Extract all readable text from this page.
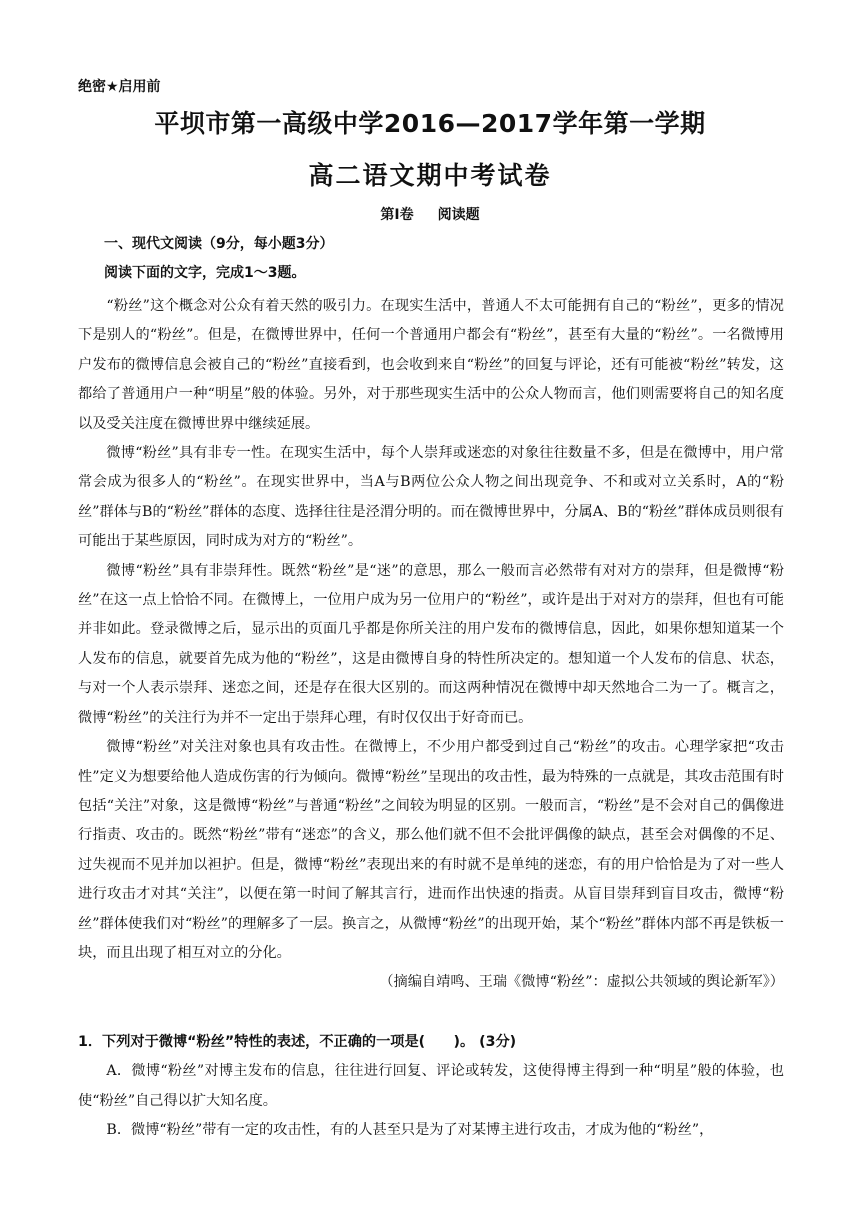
绝密★启用前
平坝市第一高级中学2016—2017学年第一学期
高二语文期中考试卷
第Ⅰ卷 阅读题
一、现代文阅读（9分，每小题3分）
阅读下面的文字，完成1～3题。

“粉丝”这个概念对公众有着天然的吸引力。在现实生活中，普通人不太可能拥有自己的“粉丝”，更多的情况下是别人的“粉丝”。但是，在微博世界中，任何一个普通用户都会有“粉丝”，甚至有大量的“粉丝”。一名微博用户发布的微博信息会被自己的“粉丝”直接看到，也会收到来自“粉丝”的回复与评论，还有可能被“粉丝”转发，这都给了普通用户一种“明星”般的体验。另外，对于那些现实生活中的公众人物而言，他们则需要将自己的知名度以及受关注度在微博世界中继续延展。

微博“粉丝”具有非专一性。在现实生活中，每个人崇拜或迷恋的对象往往数量不多，但是在微博中，用户常常会成为很多人的“粉丝”。在现实世界中，当A与B两位公众人物之间出现竞争、不和或对立关系时，A的“粉丝”群体与B的“粉丝”群体的态度、选择往往是泾渭分明的。而在微博世界中，分属A、B的“粉丝”群体成员则很有可能出于某些原因，同时成为对方的“粉丝”。

微博“粉丝”具有非崇拜性。既然“粉丝”是“迷”的意思，那么一般而言必然带有对对方的崇拜，但是微博“粉丝”在这一点上恰恰不同。在微博上，一位用户成为另一位用户的“粉丝”，或许是出于对对方的崇拜，但也有可能并非如此。登录微博之后，显示出的页面几乎都是你所关注的用户发布的微博信息，因此，如果你想知道某一个人发布的信息，就要首先成为他的“粉丝”，这是由微博自身的特性所决定的。想知道一个人发布的信息、状态，与对一个人表示崇拜、迷恋之间，还是存在很大区别的。而这两种情况在微博中却天然地合二为一了。概言之，微博“粉丝”的关注行为并不一定出于崇拜心理，有时仅仅出于好奇而已。

微博“粉丝”对关注对象也具有攻击性。在微博上，不少用户都受到过自己“粉丝”的攻击。心理学家把“攻击性”定义为想要给他人造成伤害的行为倾向。微博“粉丝”呈现出的攻击性，最为特殊的一点就是，其攻击范围有时包括“关注”对象，这是微博“粉丝”与普通“粉丝”之间较为明显的区别。一般而言，“粉丝”是不会对自己的偶像进行指责、攻击的。既然“粉丝”带有“迷恋”的含义，那么他们就不但不会批评偶像的缺点，甚至会对偶像的不足、过失视而不见并加以袒护。但是，微博“粉丝”表现出来的有时就不是单纯的迷恋，有的用户恰恰是为了对一些人进行攻击才对其“关注”，以便在第一时间了解其言行，进而作出快速的指责。从盲目崇拜到盲目攻击，微博“粉丝”群体使我们对“粉丝”的理解多了一层。换言之，从微博“粉丝”的出现开始，某个“粉丝”群体内部不再是铁板一块，而且出现了相互对立的分化。

（摘编自靖鸣、王瑞《微博“粉丝”：虚拟公共领域的舆论新军》）

1．下列对于微博“粉丝”特性的表述，不正确的一项是(　　)。 (3分)

A．微博“粉丝”对博主发布的信息，往往进行回复、评论或转发，这使得博主得到一种“明星”般的体验，也使“粉丝”自己得以扩大知名度。

B．微博“粉丝”带有一定的攻击性，有的人甚至只是为了对某博主进行攻击，才成为他的“粉丝”，
